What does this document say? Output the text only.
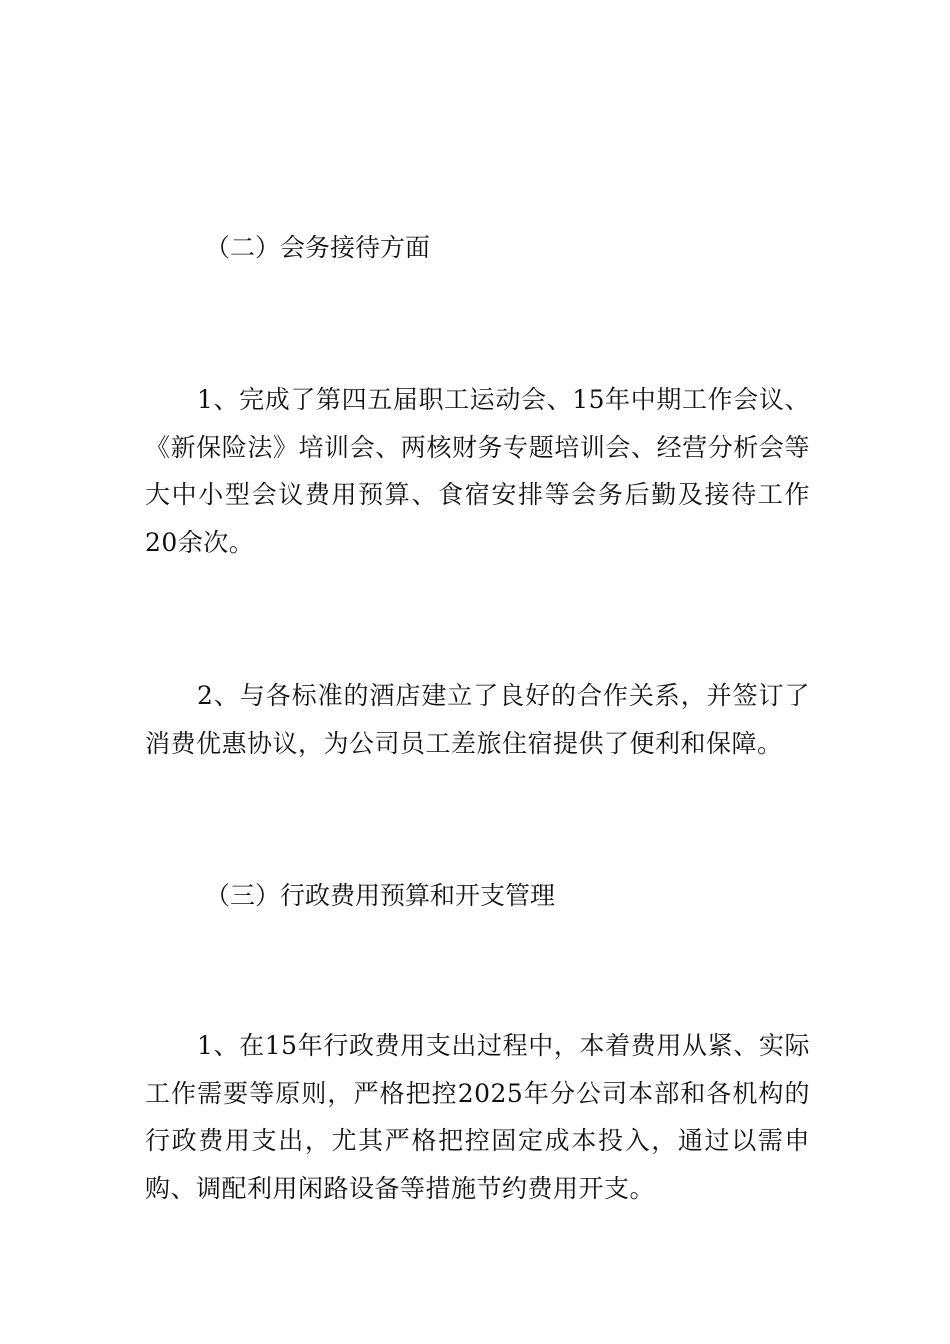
（二）会务接待方面

1、完成了第四五届职工运动会、15年中期工作会议、《新保险法》培训会、两核财务专题培训会、经营分析会等大中小型会议费用预算、食宿安排等会务后勤及接待工作20余次。

2、与各标准的酒店建立了良好的合作关系，并签订了消费优惠协议，为公司员工差旅住宿提供了便利和保障。

（三）行政费用预算和开支管理

1、在15年行政费用支出过程中，本着费用从紧、实际工作需要等原则，严格把控2025年分公司本部和各机构的行政费用支出，尤其严格把控固定成本投入，通过以需申购、调配利用闲路设备等措施节约费用开支。
